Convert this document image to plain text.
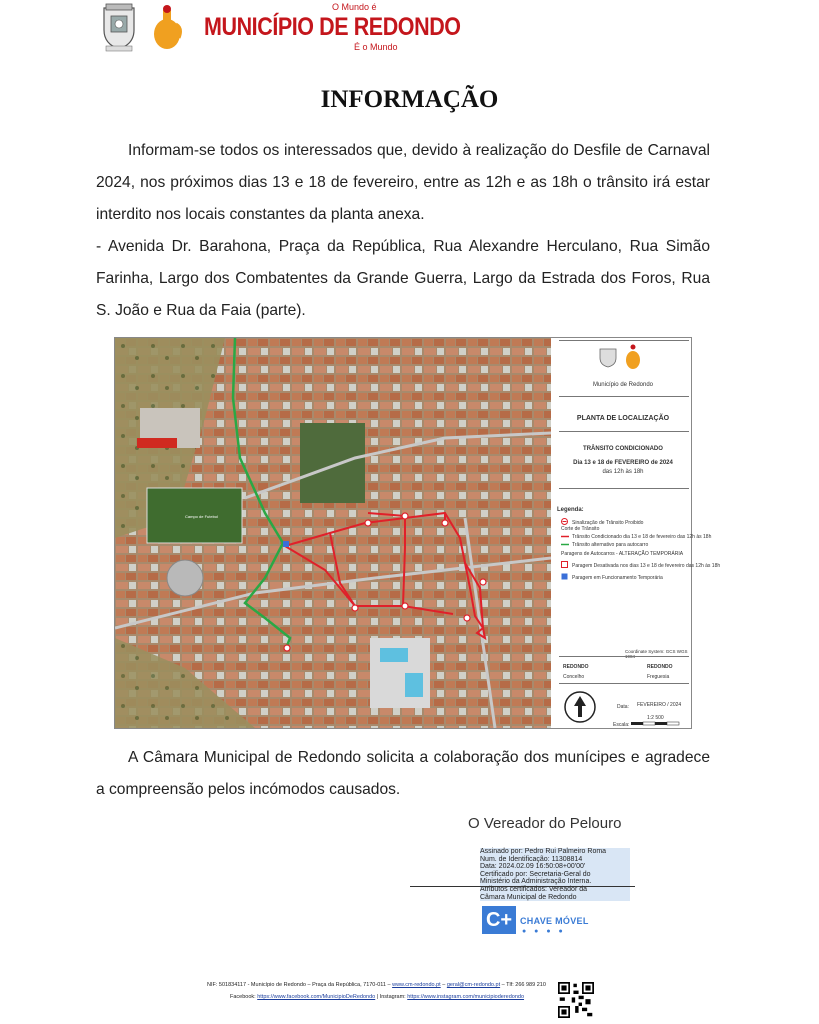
O Mundo é
MUNICÍPIO DE REDONDO
É o Mundo
INFORMAÇÃO
Informam-se todos os interessados que, devido à realização do Desfile de Carnaval 2024, nos próximos dias 13 e 18 de fevereiro, entre as 12h e as 18h o trânsito irá estar interdito nos locais constantes da planta anexa.
- Avenida Dr. Barahona, Praça da República, Rua Alexandre Herculano, Rua Simão Farinha, Largo dos Combatentes da Grande Guerra, Largo da Estrada dos Foros, Rua S. João e Rua da Faia (parte).
Campo de Futebol
Município de Redondo
PLANTA DE LOCALIZAÇÃO
TRÂNSITO CONDICIONADO
Dia 13 e 18 de FEVEREIRO de 2024
das 12h às 18h
Legenda:
Sinalização de Trânsito Proibido
Corte de Trânsito
Trânsito Condicionado dia 13 e 18 de fevereiro das 12h às 18h
Trânsito alternativo para autocarro
Paragens de Autocarros - ALTERAÇÃO TEMPORÁRIA
Paragem Desativada nos dias 13 e 18 de fevereiro das 12h às 18h
Paragem em Funcionamento Temporária
Coordinate System: GCS WGS 1984
REDONDO	REDONDO
Concelho	Freguesia
Data: FEVEREIRO / 2024
1:2 500
Escala:
A Câmara Municipal de Redondo solicita a colaboração dos munícipes e agradece a compreensão pelos incómodos causados.
O Vereador do Pelouro
Assinado por: Pedro Rui Palmeiro Roma
Num. de Identificação: 11308814
Data: 2024.02.09 16:50:08+00'00'
Certificado por: Secretaria-Geral do
Ministério da Administração Interna.
Atributos certificados: Vereador da
Câmara Municipal de Redondo
C+ CHAVE MÓVEL
● ● ● ●
NIF: 501834117 - Município de Redondo – Praça da República, 7170-011 – www.cm-redondo.pt – geral@cm-redondo.pt – Tlf: 266 989 210
Facebook: https://www.facebook.com/MunicipioDeRedondo | Instagram: https://www.instagram.com/municipioderedondo
